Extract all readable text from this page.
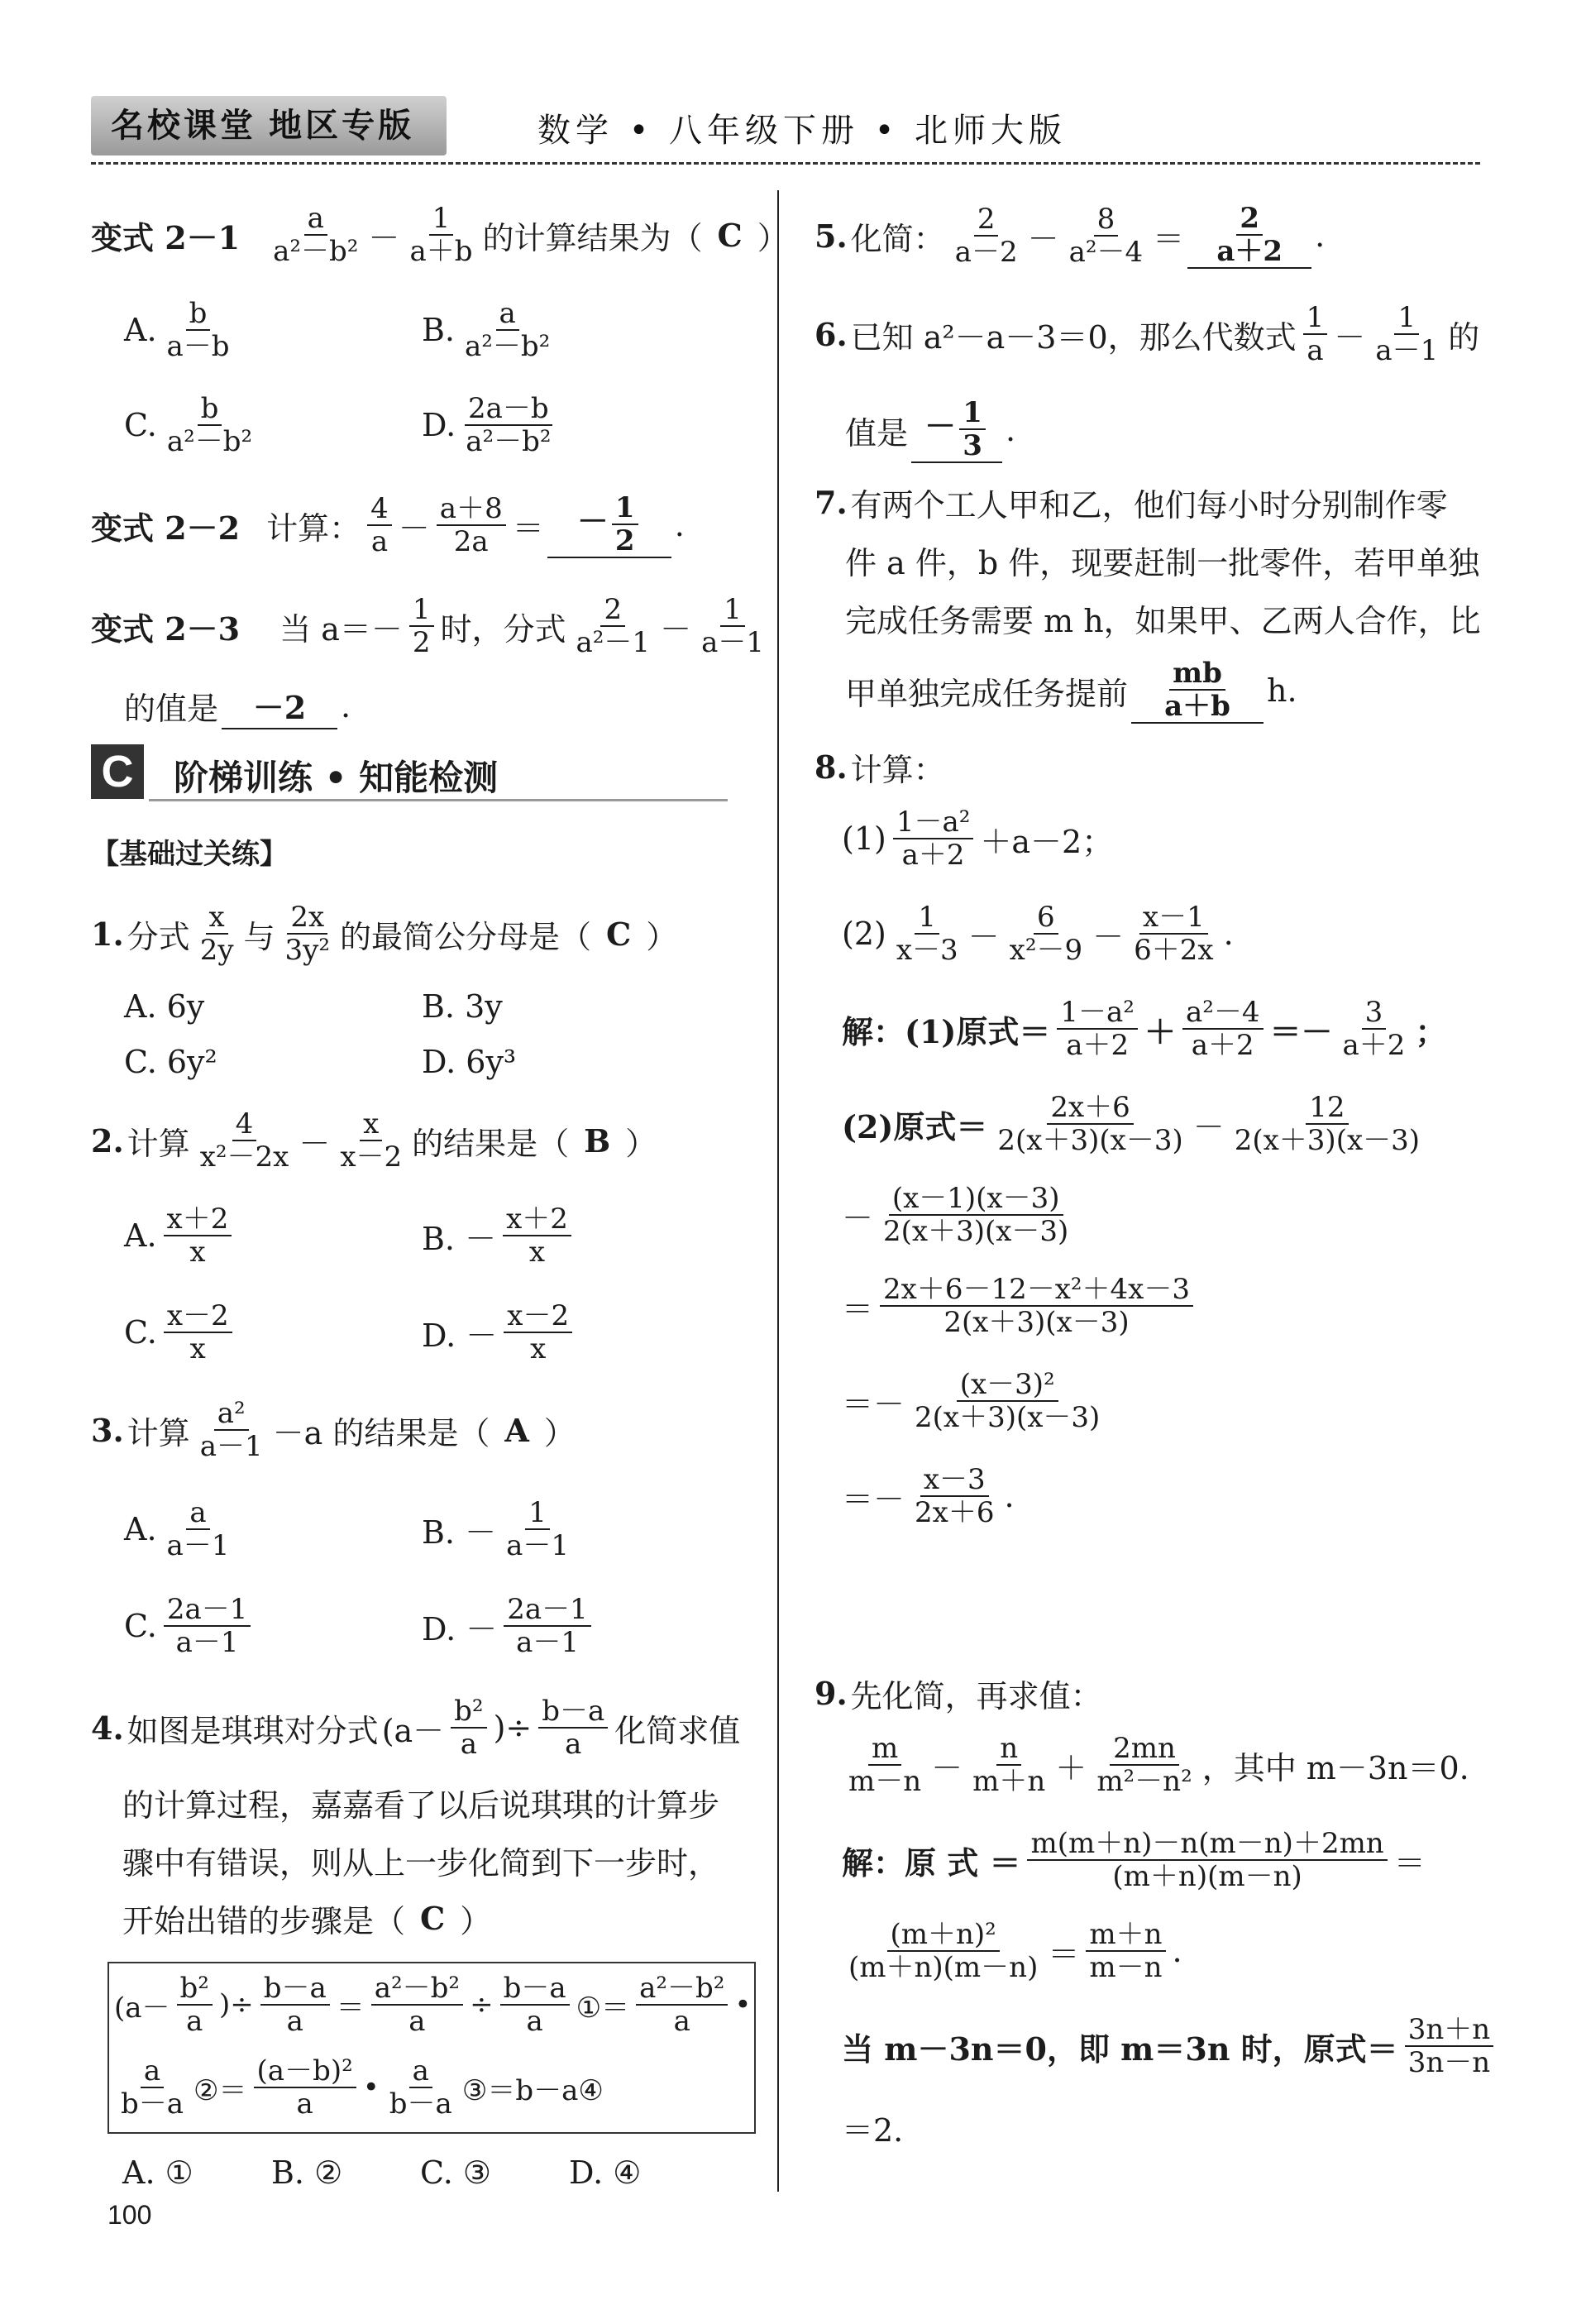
名校课堂 地区专版	数学 • 八年级下册 • 北师大版
变式 $2-1 \frac{a}{\text{a²－b²}} - \frac{1}{a+b}$ 的计算结果为（ C ）
A. $\frac{b}{a-b}$	B. $\frac{a}{\text{a²－b²}}$
C. $\frac{b}{\text{a²－b²}}$	D. $\frac{2a-b}{\text{a²－b²}}$
变式 2－2 计算： $\frac{4}{a} - \frac{a+8}{2a}$ ＝	－ $\frac{1}{2}$ .
变式 2－3 当 $a=- \frac{1}{2}$ 时，分式 $\frac{2}{\text{a²－1}} - \frac{1}{a-1}$
的值是	－2	.
C 阶梯训练 • 知能检测
【基础过关练】
1. 分式 $\frac{x}{2y}$ 与 $\frac{2x}{\text{3y²}}$ 的最简公分母是（ C ）
A. 6y	B. 3y
C. 6y²	D. 6y³
2. 计算 $\frac{4}{\text{x²－2x}} - \frac{x}{x-2}$ 的结果是（ B ）
A. $\frac{x+2}{x}$	B. － $\frac{x+2}{x}$
C. $\frac{x-2}{x}$	D. － $\frac{x-2}{x}$
3. 计算 $\frac{\text{a²}}{a-1} -a$ 的结果是（ A ）
A. $\frac{a}{a-1}$	B. － $\frac{1}{a-1}$
C. $\frac{2a-1}{a-1}$	D. － $\frac{2a-1}{a-1}$
4. 如图是琪琪对分式 ($a- \frac{\text{b²}}{a}$ )÷ $\frac{b-a}{a}$ 化简求值
的计算过程，嘉嘉看了以后说琪琪的计算步
骤中有错误，则从上一步化简到下一步时，
开始出错的步骤是（ C ）
($a- \frac{\text{b²}}{a}$ )÷ $\frac{b-a}{a} = \frac{\text{a²－b²}}{a} \div \frac{b-a}{a}$ ①＝ $\frac{\text{a²－b²}}{a}$ •
$\frac{a}{b-a}$ ②＝ $\frac{\text{(a－b)²}}{a}$ • $\frac{a}{b-a}$ ③＝b－a④
A. ① B. ② C. ③ D. ④
100
5. 化简： $\frac{2}{a-2} - \frac{8}{\text{a²－4}} = \frac{2}{a+2}$ .
6. 已知 a²－a－3＝0，那么代数式 $\frac{1}{a} - \frac{1}{a-1}$ 的
值是 － $\frac{1}{3}$ .
7. 有两个工人甲和乙，他们每小时分别制作零
件 a 件，b 件，现要赶制一批零件，若甲单独
完成任务需要 m h，如果甲、乙两人合作，比
甲单独完成任务提前 $\frac{mb}{a+b} h$.
8. 计算：
$(1) \frac{\text{1－a²}}{a+2} +a-2$；
$(2) \frac{1}{x-3} - \frac{6}{\text{x²－9}} - \frac{x-1}{6+2x}$ .
解：(1)原式＝ $\frac{\text{1－a²}}{a+2} + \frac{\text{a²－4}}{a+2} =- \frac{3}{a+2}$ ；
(2)原式＝ $\frac{2x+6}{2(x+3)(x-3)} - \frac{12}{2(x+3)(x-3)}$
－ $\frac{(x-1)(x-3)}{2(x+3)(x-3)}$
＝ $\frac{\text{2x＋6－12－x²＋4x－3}}{2(x+3)(x-3)}$
＝－ $\frac{\text{(x－3)²}}{2(x+3)(x-3)}$
＝－ $\frac{x-3}{2x+6}$ .
9. 先化简，再求值：
$\frac{m}{m-n} - \frac{n}{m+n} + \frac{2mn}{\text{m²－n²}}$ ，其中 m－3n＝0.
解：原 式 ＝ $\frac{m(m+n)-n(m-n)+2mn}{(m+n)(m-n)}$ ＝
$\frac{\text{(m＋n)²}}{(m+n)(m-n)} = \frac{m+n}{m-n}$ .
当 m－3n＝0，即 m＝3n 时，原式＝ $\frac{3n+n}{3n-n}$
＝2.
